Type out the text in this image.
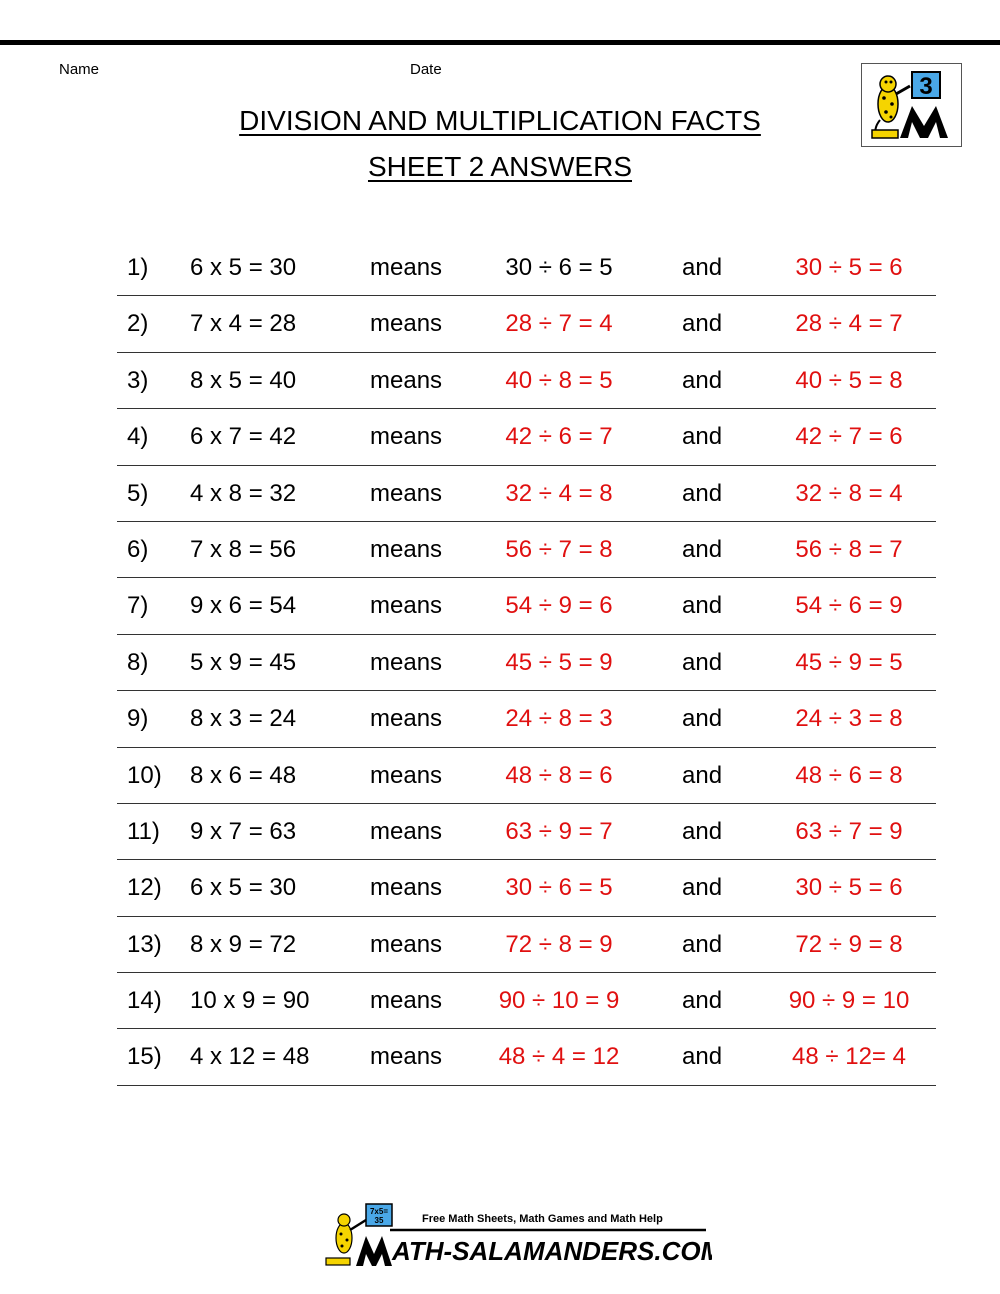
Name	Date
3
DIVISION AND MULTIPLICATION FACTS
SHEET 2 ANSWERS
1) 6 x 5 = 30	means	30 ÷ 6 = 5	and	30 ÷ 5 = 6
2) 7 x 4 = 28	means	28 ÷ 7 = 4	and	28 ÷ 4 = 7
3) 8 x 5 = 40	means	40 ÷ 8 = 5	and	40 ÷ 5 = 8
4) 6 x 7 = 42	means	42 ÷ 6 = 7	and	42 ÷ 7 = 6
5) 4 x 8 = 32	means	32 ÷ 4 = 8	and	32 ÷ 8 = 4
6) 7 x 8 = 56	means	56 ÷ 7 = 8	and	56 ÷ 8 = 7
7) 9 x 6 = 54	means	54 ÷ 9 = 6	and	54 ÷ 6 = 9
8) 5 x 9 = 45	means	45 ÷ 5 = 9	and	45 ÷ 9 = 5
9) 8 x 3 = 24	means	24 ÷ 8 = 3	and	24 ÷ 3 = 8
10) 8 x 6 = 48	means	48 ÷ 8 = 6	and	48 ÷ 6 = 8
11) 9 x 7 = 63	means	63 ÷ 9 = 7	and	63 ÷ 7 = 9
12) 6 x 5 = 30	means	30 ÷ 6 = 5	and	30 ÷ 5 = 6
13) 8 x 9 = 72	means	72 ÷ 8 = 9	and	72 ÷ 9 = 8
14) 10 x 9 = 90	means 90 ÷ 10 = 9	and	90 ÷ 9 = 10
15) 4 x 12 = 48	means 48 ÷ 4 = 12	and	48 ÷ 12= 4
7x5=
35	Free Math Sheets, Math Games and Math Help
ATH-SALAMANDERS.COM
